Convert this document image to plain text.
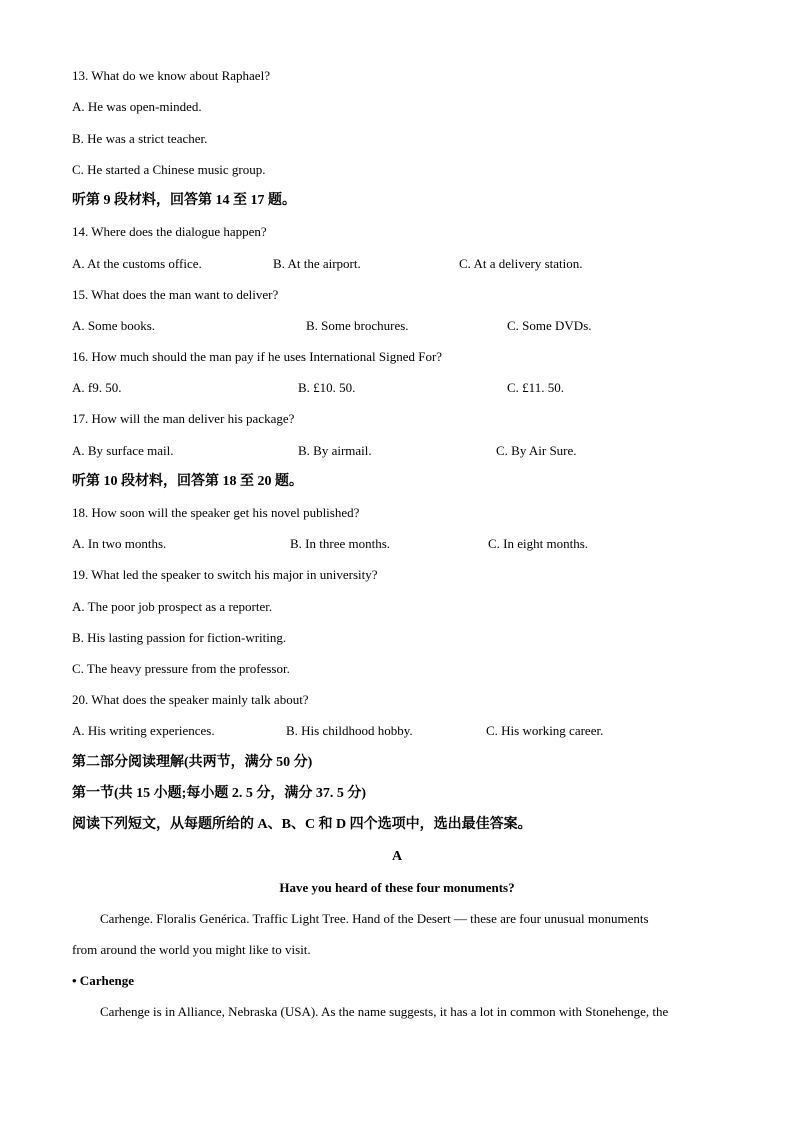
13. What do we know about Raphael?
A. He was open-minded.
B. He was a strict teacher.
C. He started a Chinese music group.
听第 9 段材料，回答第 14 至 17 题。
14. Where does the dialogue happen?
A. At the customs office.	B. At the airport.	C. At a delivery station.
15. What does the man want to deliver?
A. Some books.	B. Some brochures.	C. Some DVDs.
16. How much should the man pay if he uses International Signed For?
A. f9. 50.	B. £10. 50.	C. £11. 50.
17. How will the man deliver his package?
A. By surface mail.	B. By airmail.	C. By Air Sure.
听第 10 段材料，回答第 18 至 20 题。
18. How soon will the speaker get his novel published?
A. In two months.	B. In three months.	C. In eight months.
19. What led the speaker to switch his major in university?
A. The poor job prospect as a reporter.
B. His lasting passion for fiction-writing.
C. The heavy pressure from the professor.
20. What does the speaker mainly talk about?
A. His writing experiences.	B. His childhood hobby.	C. His working career.
第二部分阅读理解(共两节，满分 50 分)
第一节(共 15 小题;每小题 2. 5 分，满分 37. 5 分)
阅读下列短文，从每题所给的 A、B、C 和 D 四个选项中，选出最佳答案。
A
Have you heard of these four monuments?
Carhenge. Floralis Genérica. Traffic Light Tree. Hand of the Desert — these are four unusual monuments
from around the world you might like to visit.
• Carhenge
Carhenge is in Alliance, Nebraska (USA). As the name suggests, it has a lot in common with Stonehenge, the
